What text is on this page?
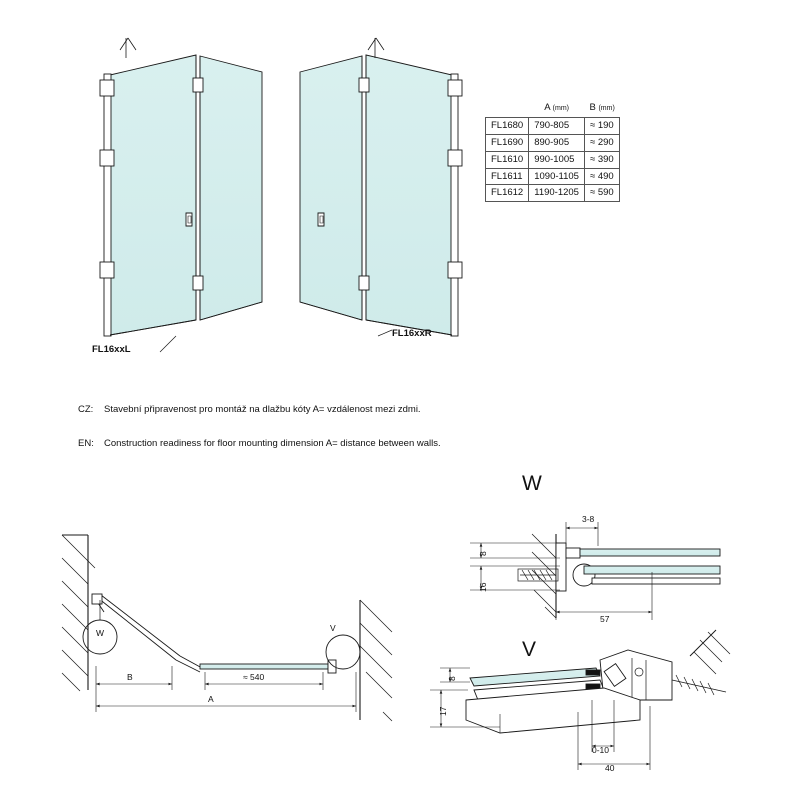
	A (mm)	B (mm)
FL1680	790-805	≈ 190
FL1690	890-905	≈ 290
FL1610	990-1005	≈ 390
FL1611	1090-1105	≈ 490
FL1612	1190-1205	≈ 590
FL16xxL
FL16xxR
W
V
W	V
CZ: Stavební připravenost pro montáž na dlažbu kóty A= vzdálenost mezi zdmi.
EN: Construction readiness for floor mounting dimension A= distance between walls.
B	≈ 540
A
3-8
8
16
57
8
17
0-10
40
